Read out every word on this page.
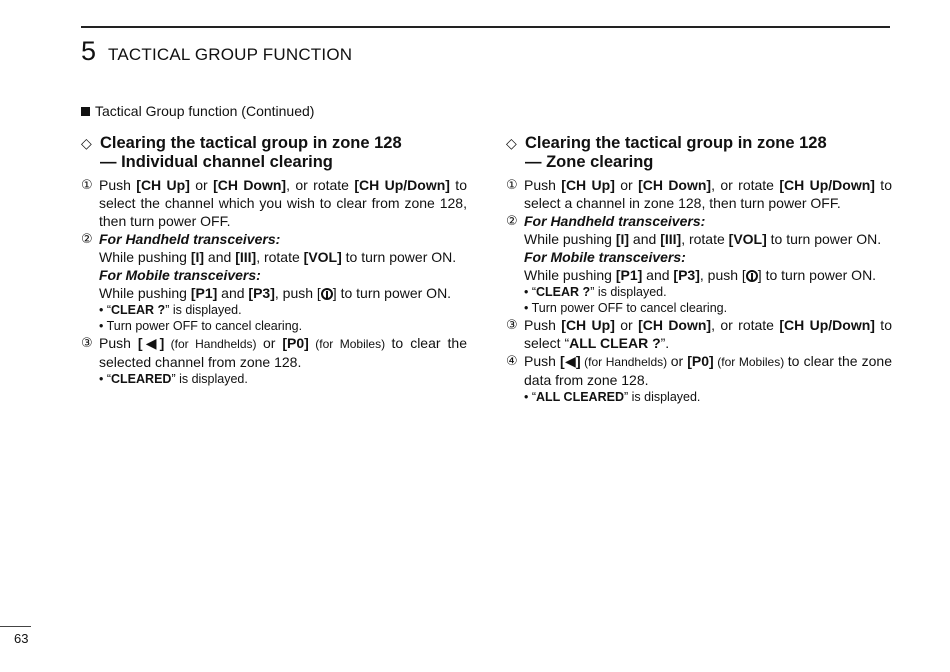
5 TACTICAL GROUP FUNCTION
Tactical Group function (Continued)
◇ Clearing the tactical group in zone 128
— Individual channel clearing
① Push [CH Up] or [CH Down], or rotate [CH Up/Down] to select the channel which you wish to clear from zone 128, then turn power OFF.
② For Handheld transceivers:
While pushing [I] and [III], rotate [VOL] to turn power ON.
For Mobile transceivers:
While pushing [P1] and [P3], push [ ] to turn power ON.
• “CLEAR ?” is displayed.
• Turn power OFF to cancel clearing.
③ Push [◀] (for Handhelds) or [P0] (for Mobiles) to clear the selected channel from zone 128.
• “CLEARED” is displayed.
◇ Clearing the tactical group in zone 128
— Zone clearing
① Push [CH Up] or [CH Down], or rotate [CH Up/Down] to select a channel in zone 128, then turn power OFF.
② For Handheld transceivers:
While pushing [I] and [III], rotate [VOL] to turn power ON.
For Mobile transceivers:
While pushing [P1] and [P3], push [ ] to turn power ON.
• “CLEAR ?” is displayed.
• Turn power OFF to cancel clearing.
③ Push [CH Up] or [CH Down], or rotate [CH Up/Down] to select “ALL CLEAR ?”.
④ Push [◀] (for Handhelds) or [P0] (for Mobiles) to clear the zone data from zone 128.
• “ALL CLEARED” is displayed.
63
